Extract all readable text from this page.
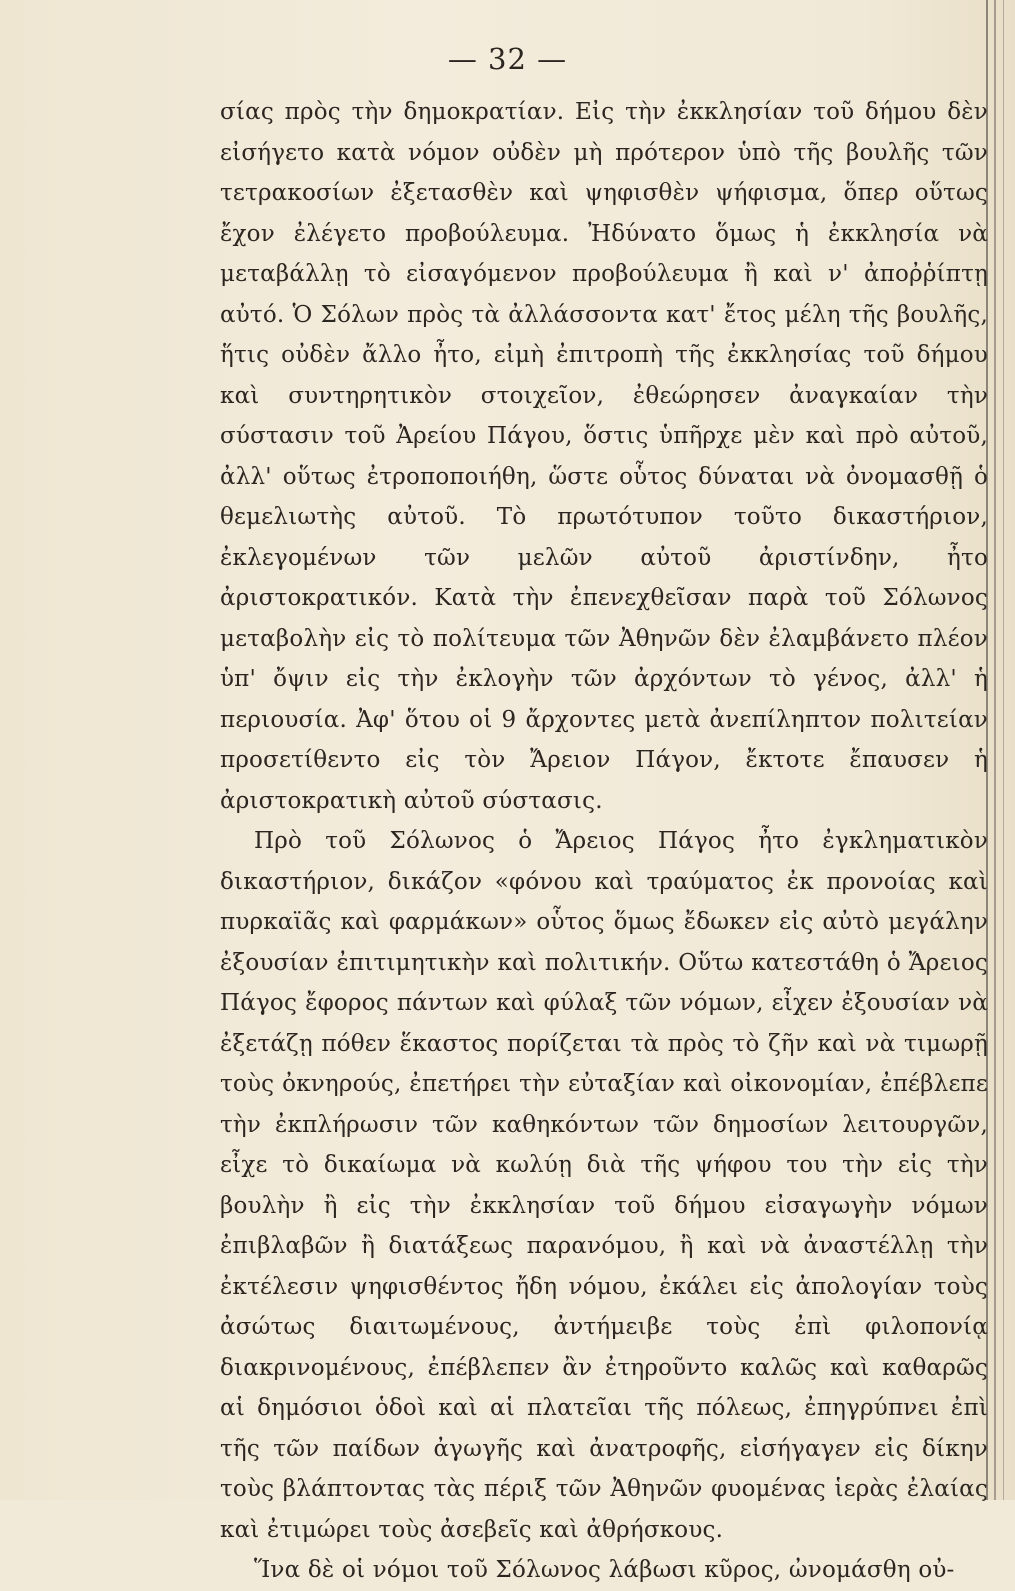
— 32 —

σίας πρὸς τὴν δημοκρατίαν. Εἰς τὴν ἐκκλησίαν τοῦ δήμου δὲν εἰσήγετο κατὰ νόμον οὐδὲν μὴ πρότερον ὑπὸ τῆς βουλῆς τῶν τετρακοσίων ἐξετασθὲν καὶ ψηφισθὲν ψήφισμα, ὅπερ οὕτως ἔχον ἐλέγετο προβούλευμα. Ἠδύνατο ὅμως ἡ ἐκκλησία νὰ μεταβάλλῃ τὸ εἰσαγόμενον προβούλευμα ἢ καὶ ν' ἀποῤῥίπτῃ αὐτό. Ὁ Σόλων πρὸς τὰ ἀλλάσσοντα κατ' ἔτος μέλη τῆς βουλῆς, ἥτις οὐδὲν ἄλλο ἦτο, εἰμὴ ἐπιτροπὴ τῆς ἐκκλησίας τοῦ δήμου καὶ συντηρητικὸν στοιχεῖον, ἐθεώρησεν ἀναγκαίαν τὴν σύστασιν τοῦ Ἀρείου Πάγου, ὅστις ὑπῆρχε μὲν καὶ πρὸ αὐτοῦ, ἀλλ' οὕτως ἐτροποποιήθη, ὥστε οὗτος δύναται νὰ ὀνομασθῇ ὁ θεμελιωτὴς αὐτοῦ. Τὸ πρωτότυπον τοῦτο δικαστήριον, ἐκλεγομένων τῶν μελῶν αὐτοῦ ἀριστίνδην, ἦτο ἀριστοκρατικόν. Κατὰ τὴν ἐπενεχθεῖσαν παρὰ τοῦ Σόλωνος μεταβολὴν εἰς τὸ πολίτευμα τῶν Ἀθηνῶν δὲν ἐλαμβάνετο πλέον ὑπ' ὄψιν εἰς τὴν ἐκλογὴν τῶν ἀρχόντων τὸ γένος, ἀλλ' ἡ περιουσία. Ἀφ' ὅτου οἱ 9 ἄρχοντες μετὰ ἀνεπίληπτον πολιτείαν προσετίθεντο εἰς τὸν Ἄρειον Πάγον, ἔκτοτε ἔπαυσεν ἡ ἀριστοκρατικὴ αὐτοῦ σύστασις.

Πρὸ τοῦ Σόλωνος ὁ Ἄρειος Πάγος ἦτο ἐγκληματικὸν δικαστήριον, δικάζον «φόνου καὶ τραύματος ἐκ προνοίας καὶ πυρκαϊᾶς καὶ φαρμάκων» οὗτος ὅμως ἔδωκεν εἰς αὐτὸ μεγάλην ἐξουσίαν ἐπιτιμητικὴν καὶ πολιτικήν. Οὕτω κατεστάθη ὁ Ἄρειος Πάγος ἔφορος πάντων καὶ φύλαξ τῶν νόμων, εἶχεν ἐξουσίαν νὰ ἐξετάζῃ πόθεν ἕκαστος πορίζεται τὰ πρὸς τὸ ζῆν καὶ νὰ τιμωρῇ τοὺς ὀκνηρούς, ἐπετήρει τὴν εὐταξίαν καὶ οἰκονομίαν, ἐπέβλεπε τὴν ἐκπλήρωσιν τῶν καθηκόντων τῶν δημοσίων λειτουργῶν, εἶχε τὸ δικαίωμα νὰ κωλύῃ διὰ τῆς ψήφου του τὴν εἰς τὴν βουλὴν ἢ εἰς τὴν ἐκκλησίαν τοῦ δήμου εἰσαγωγὴν νόμων ἐπιβλαβῶν ἢ διατάξεως παρανόμου, ἢ καὶ νὰ ἀναστέλλῃ τὴν ἐκτέλεσιν ψηφισθέντος ἤδη νόμου, ἐκάλει εἰς ἀπολογίαν τοὺς ἀσώτως διαιτωμένους, ἀντήμειβε τοὺς ἐπὶ φιλοπονίᾳ διακρινομένους, ἐπέβλεπεν ἂν ἐτηροῦντο καλῶς καὶ καθαρῶς αἱ δημόσιοι ὁδοὶ καὶ αἱ πλατεῖαι τῆς πόλεως, ἐπηγρύπνει ἐπὶ τῆς τῶν παίδων ἀγωγῆς καὶ ἀνατροφῆς, εἰσήγαγεν εἰς δίκην τοὺς βλάπτοντας τὰς πέριξ τῶν Ἀθηνῶν φυομένας ἱερὰς ἐλαίας καὶ ἐτιμώρει τοὺς ἀσεβεῖς καὶ ἀθρήσκους.

Ἵνα δὲ οἱ νόμοι τοῦ Σόλωνος λάβωσι κῦρος, ὠνομάσθη οὐ-
